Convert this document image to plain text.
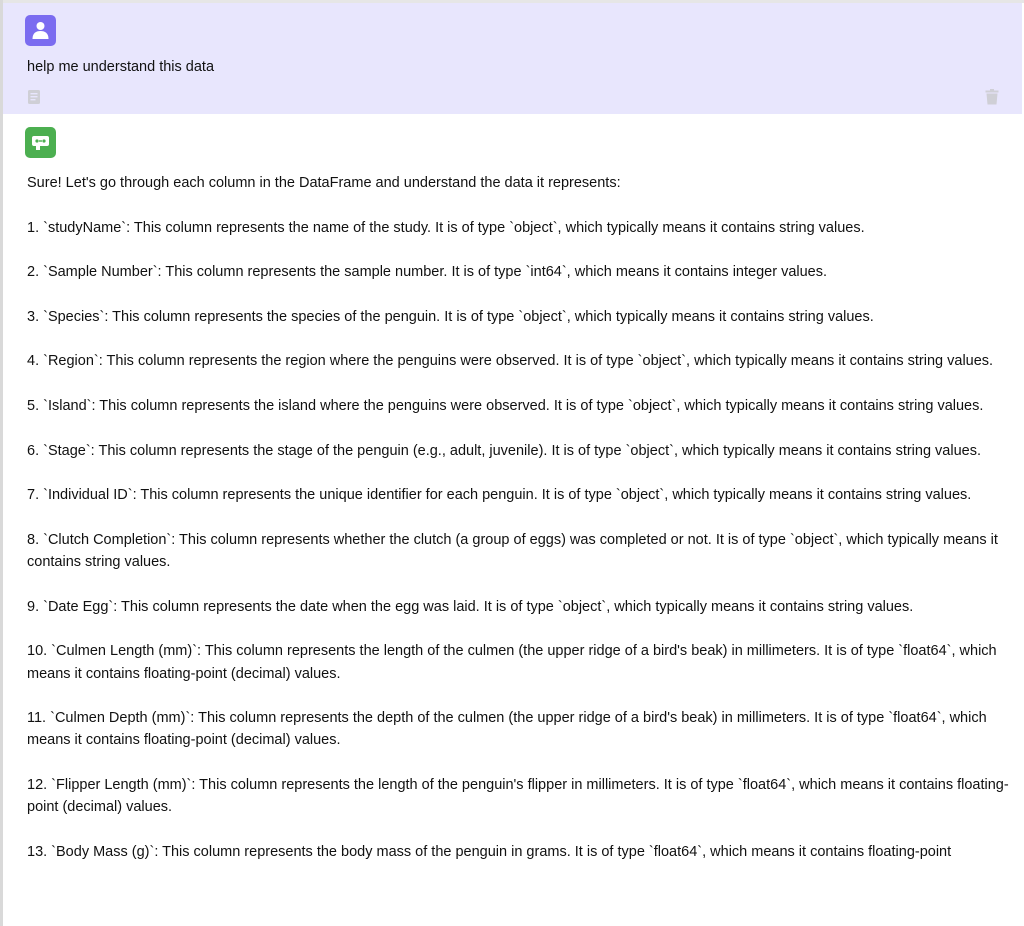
help me understand this data

Sure! Let's go through each column in the DataFrame and understand the data it represents:

1. `studyName`: This column represents the name of the study. It is of type `object`, which typically means it contains string values.

2. `Sample Number`: This column represents the sample number. It is of type `int64`, which means it contains integer values.

3. `Species`: This column represents the species of the penguin. It is of type `object`, which typically means it contains string values.

4. `Region`: This column represents the region where the penguins were observed. It is of type `object`, which typically means it contains string values.

5. `Island`: This column represents the island where the penguins were observed. It is of type `object`, which typically means it contains string values.

6. `Stage`: This column represents the stage of the penguin (e.g., adult, juvenile). It is of type `object`, which typically means it contains string values.

7. `Individual ID`: This column represents the unique identifier for each penguin. It is of type `object`, which typically means it contains string values.

8. `Clutch Completion`: This column represents whether the clutch (a group of eggs) was completed or not. It is of type `object`, which typically means it contains string values.

9. `Date Egg`: This column represents the date when the egg was laid. It is of type `object`, which typically means it contains string values.

10. `Culmen Length (mm)`: This column represents the length of the culmen (the upper ridge of a bird's beak) in millimeters. It is of type `float64`, which means it contains floating-point (decimal) values.

11. `Culmen Depth (mm)`: This column represents the depth of the culmen (the upper ridge of a bird's beak) in millimeters. It is of type `float64`, which means it contains floating-point (decimal) values.

12. `Flipper Length (mm)`: This column represents the length of the penguin's flipper in millimeters. It is of type `float64`, which means it contains floating-point (decimal) values.

13. `Body Mass (g)`: This column represents the body mass of the penguin in grams. It is of type `float64`, which means it contains floating-point
